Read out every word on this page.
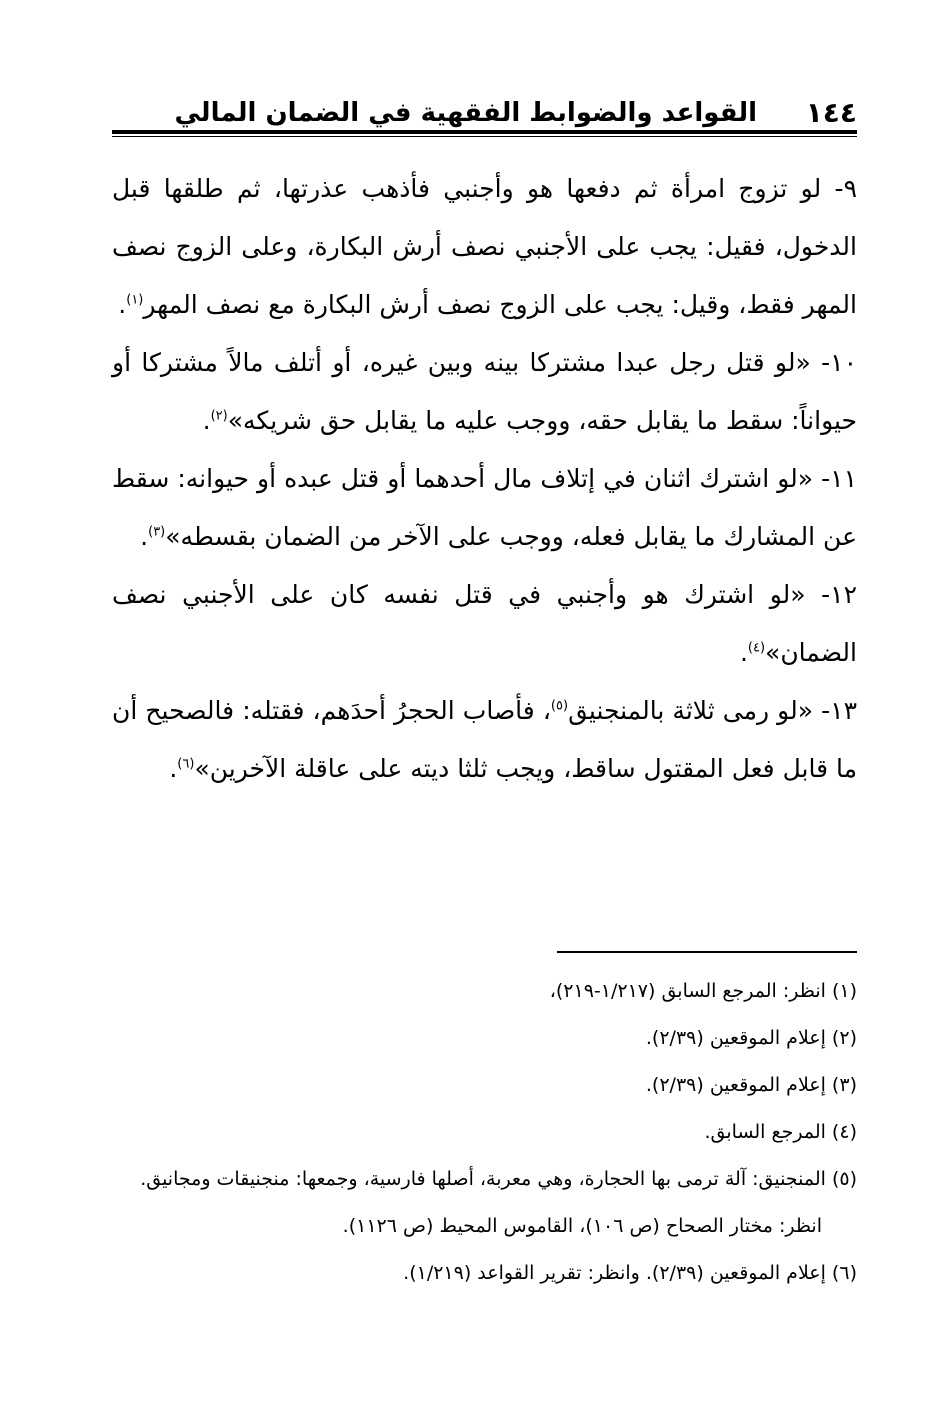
١٤٤
القواعد والضوابط الفقهية في الضمان المالي

٩- لو تزوج امرأة ثم دفعها هو وأجنبي فأذهب عذرتها، ثم طلقها قبل الدخول، فقيل: يجب على الأجنبي نصف أرش البكارة، وعلى الزوج نصف المهر فقط، وقيل: يجب على الزوج نصف أرش البكارة مع نصف المهر$^{(١)}$.

١٠- «لو قتل رجل عبدا مشتركا بينه وبين غيره، أو أتلف مالاً مشتركا أو حيواناً: سقط ما يقابل حقه، ووجب عليه ما يقابل حق شريكه»$^{(٢)}$.

١١- «لو اشترك اثنان في إتلاف مال أحدهما أو قتل عبده أو حيوانه: سقط عن المشارك ما يقابل فعله، ووجب على الآخر من الضمان بقسطه»$^{(٣)}$.

١٢- «لو اشترك هو وأجنبي في قتل نفسه كان على الأجنبي نصف الضمان»$^{(٤)}$.

١٣- «لو رمى ثلاثة بالمنجنيق$^{(٥)}$، فأصاب الحجرُ أحدَهم، فقتله: فالصحيح أن ما قابل فعل المقتول ساقط، ويجب ثلثا ديته على عاقلة الآخرين»$^{(٦)}$.

(١) انظر: المرجع السابق (١/٢١٧-٢١٩)،

(٢) إعلام الموقعين (٢/٣٩).

(٣) إعلام الموقعين (٢/٣٩).

(٤) المرجع السابق.

(٥) المنجنيق: آلة ترمى بها الحجارة، وهي معربة، أصلها فارسية، وجمعها: منجنيقات ومجانيق.

انظر: مختار الصحاح (ص ١٠٦)، القاموس المحيط (ص ١١٢٦).

(٦) إعلام الموقعين (٢/٣٩). وانظر: تقرير القواعد (١/٢١٩).
